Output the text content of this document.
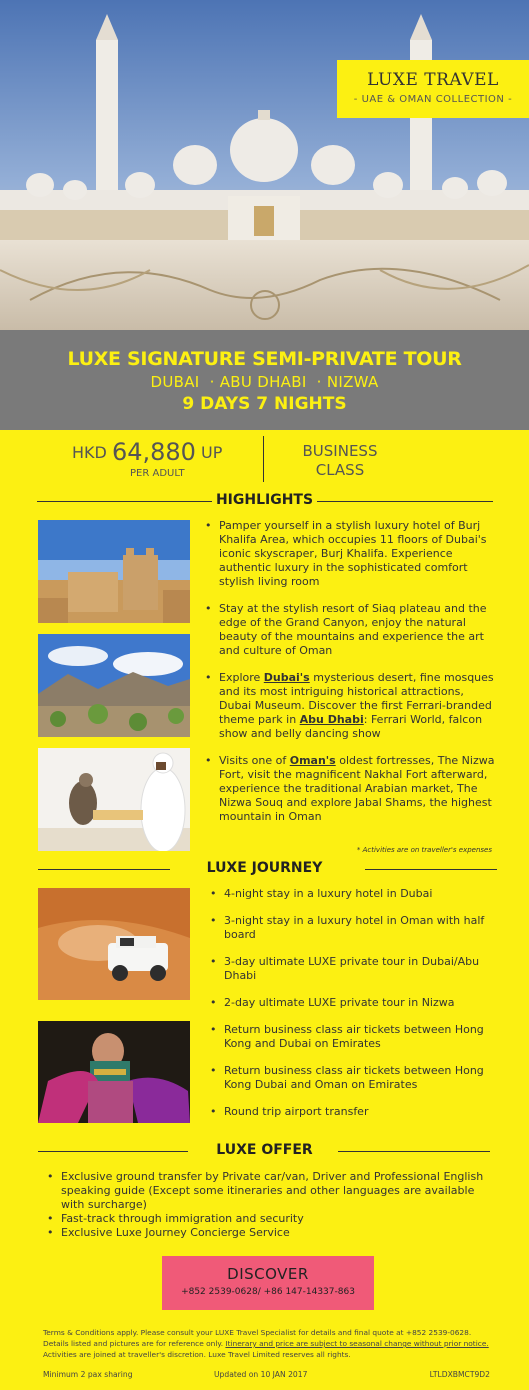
LUXE TRAVEL
- UAE & OMAN COLLECTION -
LUXE SIGNATURE SEMI-PRIVATE TOUR
DUBAI  · ABU DHABI  · NIZWA
9 DAYS 7 NIGHTS
HKD 64,880 UP
PER ADULT
BUSINESS
CLASS
HIGHLIGHTS
• Pamper yourself in a stylish luxury hotel of Burj Khalifa Area, which occupies 11 floors of Dubai's iconic skyscraper, Burj Khalifa. Experience authentic luxury in the sophisticated comfort stylish living room
• Stay at the stylish resort of Siaq plateau and the edge of the Grand Canyon, enjoy the natural beauty of the mountains and experience the art and culture of Oman
• Explore Dubai's mysterious desert, fine mosques and its most intriguing historical attractions, Dubai Museum. Discover the first Ferrari-branded theme park in Abu Dhabi: Ferrari World, falcon show and belly dancing show
• Visits one of Oman's oldest fortresses, The Nizwa Fort, visit the magnificent Nakhal Fort afterward, experience the traditional Arabian market, The Nizwa Souq and explore Jabal Shams, the highest mountain in Oman
* Activities are on traveller's expenses
LUXE JOURNEY
• 4-night stay in a luxury hotel in Dubai
• 3-night stay in a luxury hotel in Oman with half board
• 3-day ultimate LUXE private tour in Dubai/Abu Dhabi
• 2-day ultimate LUXE private tour in Nizwa
• Return business class air tickets between Hong Kong and Dubai on Emirates
• Return business class air tickets between Hong Kong Dubai and Oman on Emirates
• Round trip airport transfer
LUXE OFFER
• Exclusive ground transfer by Private car/van, Driver and Professional English speaking guide (Except some itineraries and other languages are available with surcharge)
• Fast-track through immigration and security
• Exclusive Luxe Journey Concierge Service
DISCOVER
+852 2539-0628/ +86 147-14337-863
Terms & Conditions apply. Please consult your LUXE Travel Specialist for details and final quote at +852 2539-0628.
Details listed and pictures are for reference only. Itinerary and price are subject to seasonal change without prior notice. Activities are joined at traveller's discretion. Luxe Travel Limited reserves all rights.
Minimum 2 pax sharing	Updated on 10 JAN 2017	LTLDXBMCT9D2
